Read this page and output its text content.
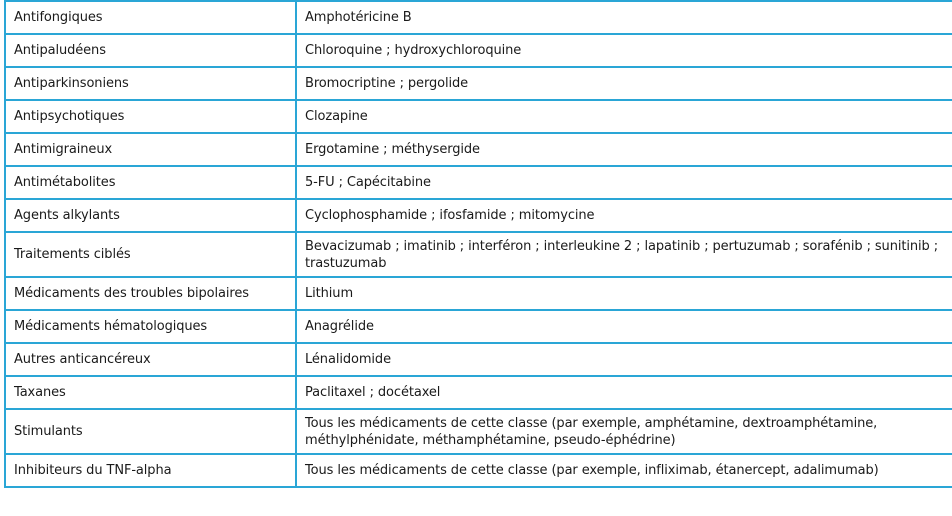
Antifongiques	Amphotéricine B
Antipaludéens	Chloroquine ; hydroxychloroquine
Antiparkinsoniens	Bromocriptine ; pergolide
Antipsychotiques	Clozapine
Antimigraineux	Ergotamine ; méthysergide
Antimétabolites	5-FU ; Capécitabine
Agents alkylants	Cyclophosphamide ; ifosfamide ; mitomycine
Traitements ciblés	Bevacizumab ; imatinib ; interféron ; interleukine 2 ; lapatinib ; pertuzumab ; sorafénib ; sunitinib ; trastuzumab
Médicaments des troubles bipolaires	Lithium
Médicaments hématologiques	Anagrélide
Autres anticancéreux	Lénalidomide
Taxanes	Paclitaxel ; docétaxel
Stimulants	Tous les médicaments de cette classe (par exemple, amphétamine, dextroamphétamine, méthylphénidate, méthamphétamine, pseudo-éphédrine)
Inhibiteurs du TNF-alpha	Tous les médicaments de cette classe (par exemple, infliximab, étanercept, adalimumab)
